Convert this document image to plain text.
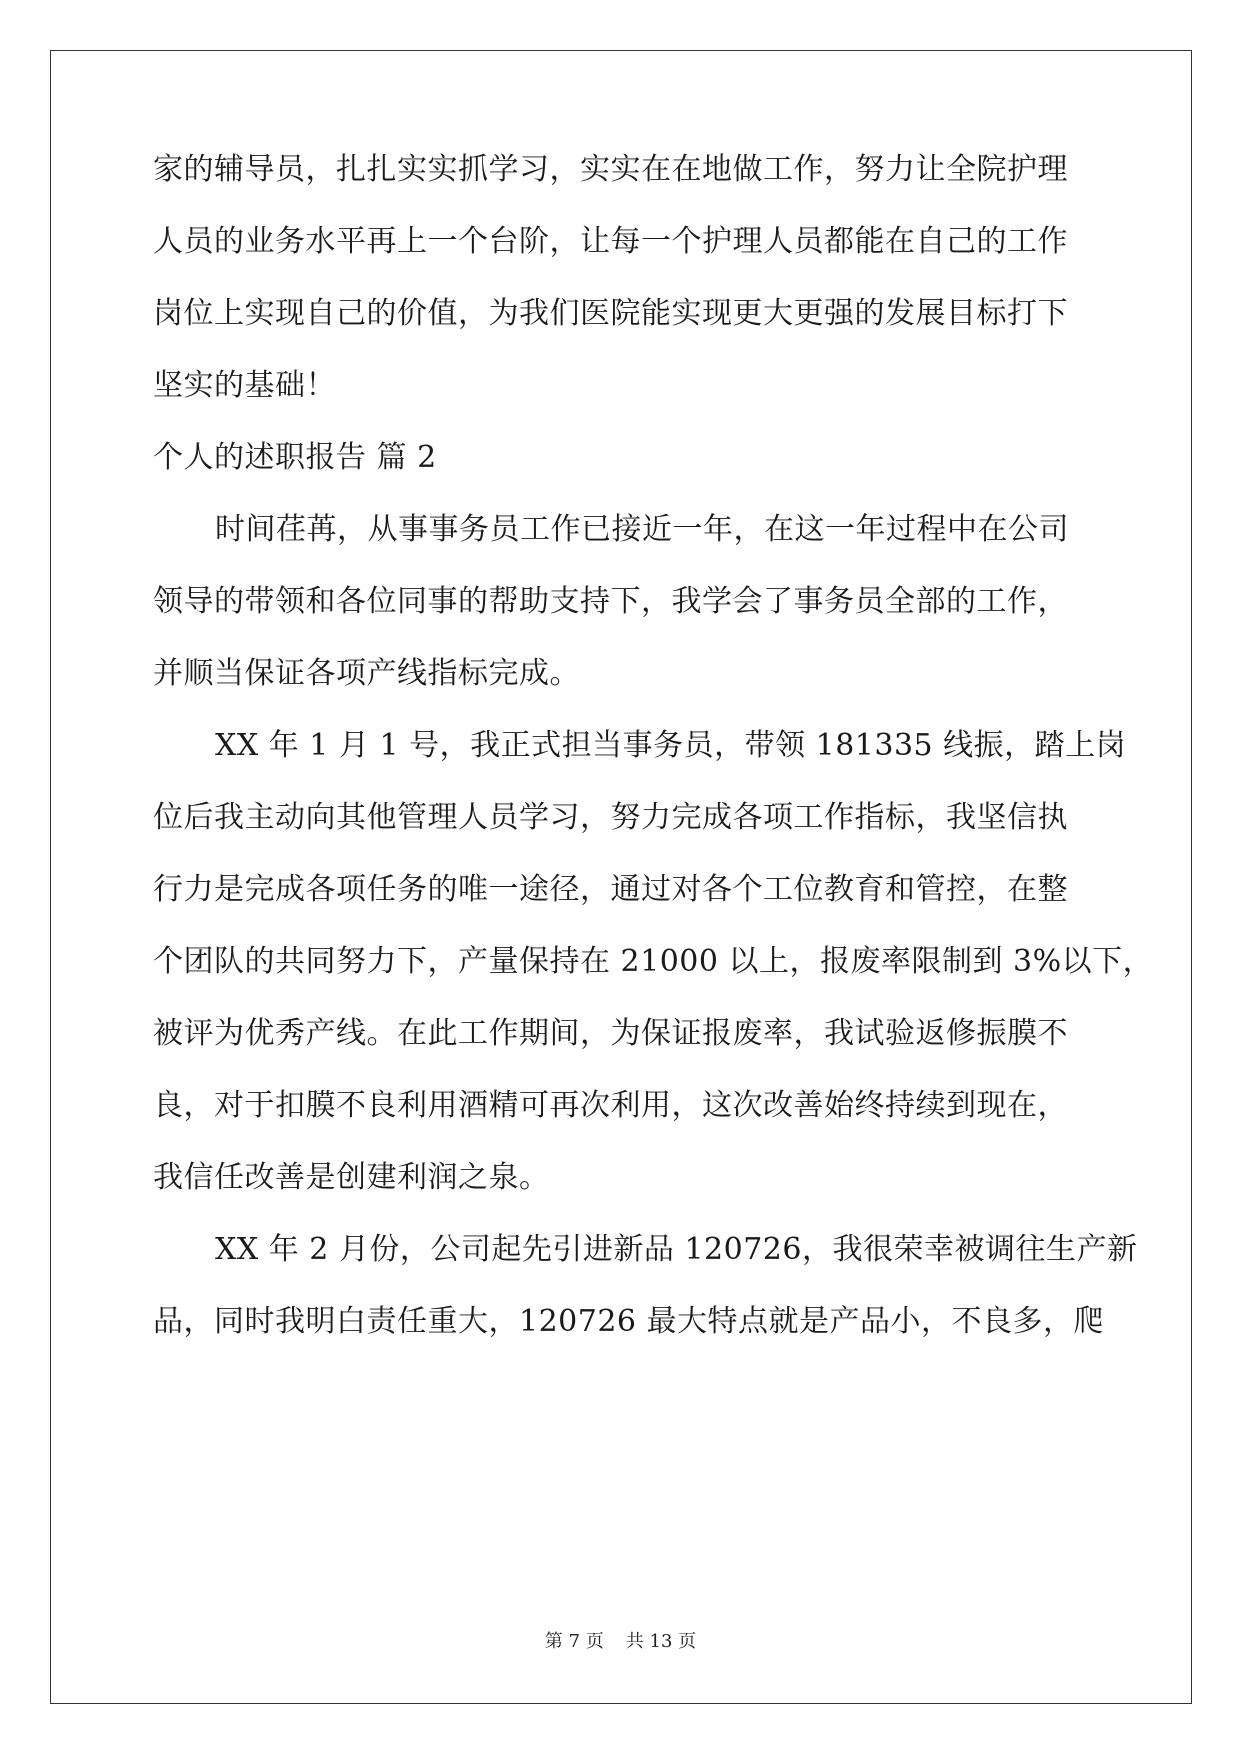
家的辅导员，扎扎实实抓学习，实实在在地做工作，努力让全院护理
人员的业务水平再上一个台阶，让每一个护理人员都能在自己的工作
岗位上实现自己的价值，为我们医院能实现更大更强的发展目标打下
坚实的基础！
个人的述职报告 篇 2
时间荏苒，从事事务员工作已接近一年，在这一年过程中在公司
领导的带领和各位同事的帮助支持下，我学会了事务员全部的工作，
并顺当保证各项产线指标完成。
XX 年 1 月 1 号，我正式担当事务员，带领 181335 线振，踏上岗
位后我主动向其他管理人员学习，努力完成各项工作指标，我坚信执
行力是完成各项任务的唯一途径，通过对各个工位教育和管控，在整
个团队的共同努力下，产量保持在 21000 以上，报废率限制到 3%以下，
被评为优秀产线。在此工作期间，为保证报废率，我试验返修振膜不
良，对于扣膜不良利用酒精可再次利用，这次改善始终持续到现在，
我信任改善是创建利润之泉。
XX 年 2 月份，公司起先引进新品 120726，我很荣幸被调往生产新
品，同时我明白责任重大，120726 最大特点就是产品小，不良多，爬
第 7 页 共 13 页
